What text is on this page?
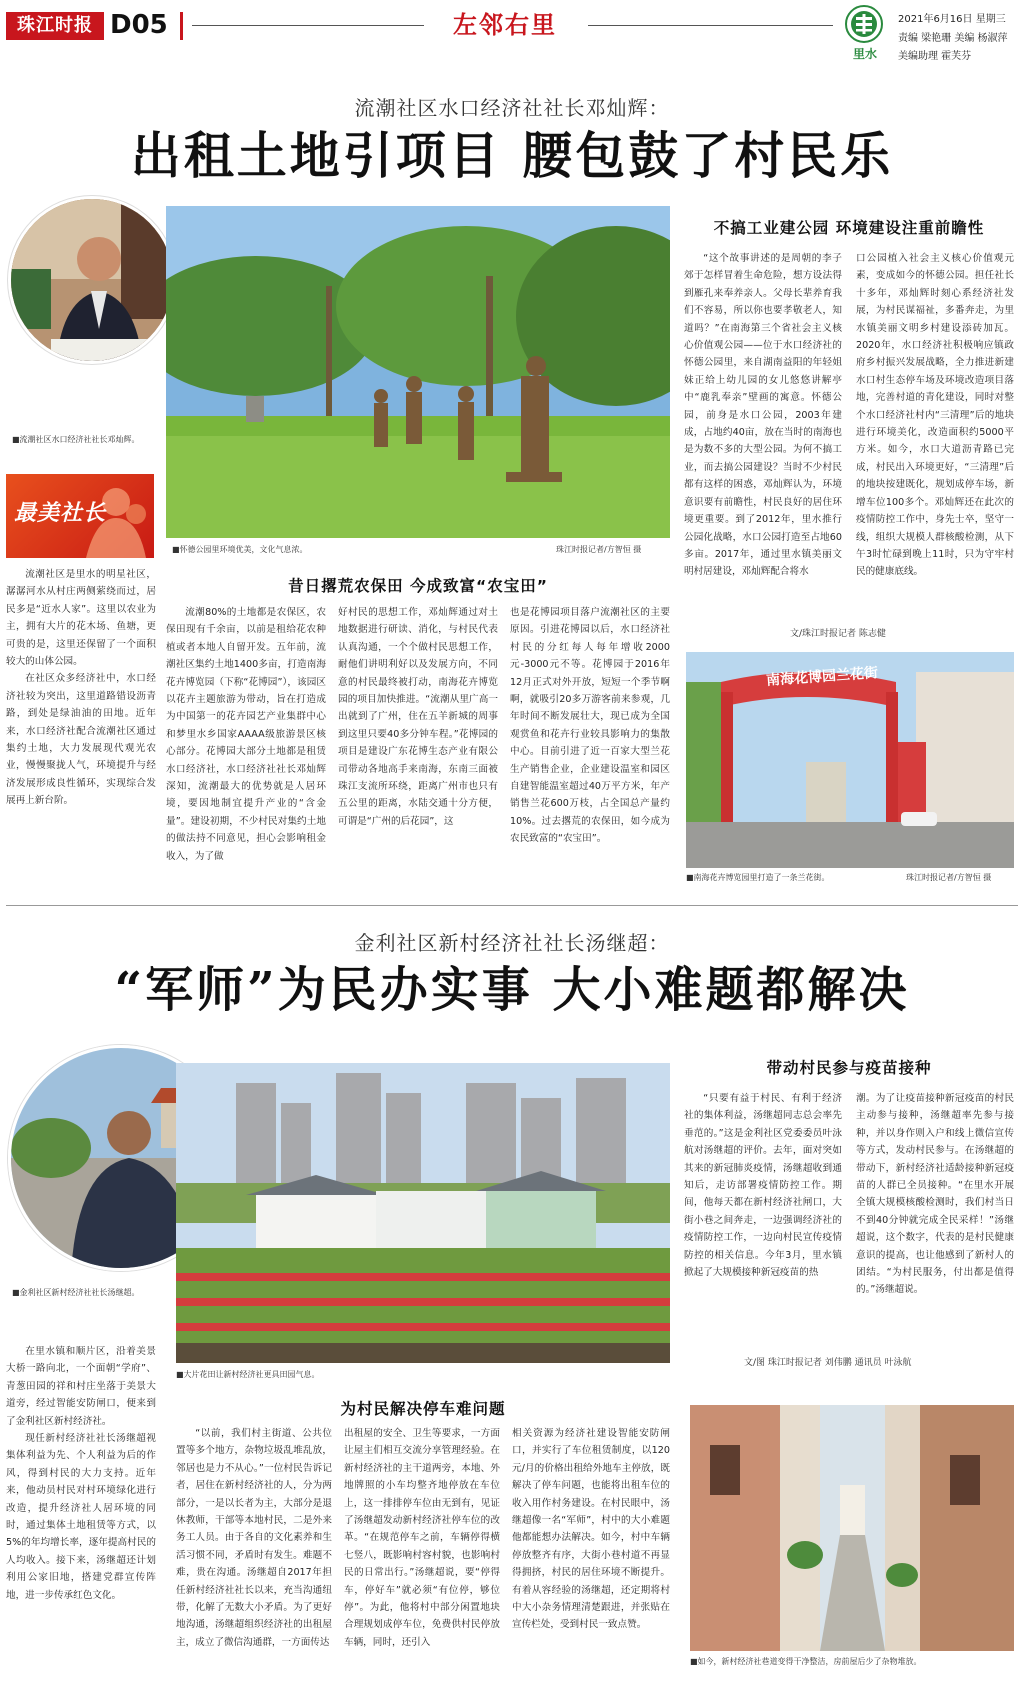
珠江时报 D05	左邻右里
里水
2021年6月16日 星期三
责编 梁艳珊 美编 杨淑萍
美编助理 霍芙芬
流潮社区水口经济社社长邓灿辉：
出租土地引项目 腰包鼓了村民乐
■流潮社区水口经济社社长邓灿辉。
最美社长

流潮社区是里水的明星社区，潺潺河水从村庄两侧萦绕而过，居民多是“近水人家”。这里以农业为主，拥有大片的花木场、鱼塘，更可贵的是，这里还保留了一个面积较大的山体公园。

在社区众多经济社中，水口经济社较为突出，这里道路错设沥青路，到处是绿油油的田地。近年来，水口经济社配合流潮社区通过集约土地，大力发展现代观光农业，慢慢聚拢人气，环境提升与经济发展形成良性循环，实现综合发展再上新台阶。

■怀德公园里环境优美，文化气息浓。	珠江时报记者/方智恒 摄
昔日撂荒农保田 今成致富“农宝田”
流潮80%的土地都是农保区，农保田现有千余亩，以前是租给花农种植或者本地人自留开发。五年前，流潮社区集约土地1400多亩，打造南海花卉博览园（下称“花博园”），该园区以花卉主题旅游为带动，旨在打造成为中国第一的花卉园艺产业集群中心和梦里水乡国家AAAA级旅游景区核心部分。花博园大部分土地都是租赁水口经济社，水口经济社社长邓灿辉深知，流潮最大的优势就是人居环境，要因地制宜提升产业的“含金量”。建设初期，不少村民对集约土地的做法持不同意见，担心会影响租金收入，为了做
好村民的思想工作，邓灿辉通过对土地数据进行研读、消化，与村民代表认真沟通，一个个做村民思想工作，耐他们讲明利好以及发展方向，不同意的村民最终被打动，南海花卉博览园的项目加快推进。“流潮从里广高一出就到了广州，住在五羊新城的周事到这里只要40多分钟车程。”花博园的项目是建设广东花博生态产业有限公司带动各地高手来南海，东南三面被珠江支流所环绕，距离广州市也只有五公里的距离，水陆交通十分方便，可谓是“广州的后花园”，这
也是花博园项目落户流潮社区的主要原因。引进花博园以后，水口经济社村民的分红每人每年增收2000元-3000元不等。花博园于2016年12月正式对外开放，短短一个季节啊啊，就吸引20多万游客前来参观，几年时间不断发展壮大，现已成为全国观赏鱼和花卉行业较具影响力的集散中心。目前引进了近一百家大型兰花生产销售企业，企业建设温室和园区自建智能温室超过40万平方米，年产销售兰花600万枝，占全国总产量约10%。过去撂荒的农保田，如今成为农民致富的“农宝田”。
不搞工业建公园 环境建设注重前瞻性
“这个故事讲述的是周朝的李子郊于怎样冒着生命危险，想方设法得到雁孔来奉养亲人。父母长辈养育我们不容易，所以你也要孝敬老人，知道吗？”在南海第三个省社会主义核心价值观公园——位于水口经济社的怀德公园里，来自湖南益阳的年轻姐妹正给上幼儿园的女儿悠悠讲解亭中“鹿乳奉亲”壁画的寓意。怀德公园，前身是水口公园，2003年建成，占地约40亩，放在当时的南海也是为数不多的大型公园。为何不搞工业，而去搞公园建设？当时不少村民都有这样的困惑，邓灿辉认为，环境意识要有前瞻性，村民良好的居住环境更重要。到了2012年，里水推行公园化战略，水口公园打造至占地60多亩。2017年，通过里水镇美丽文明村居建设，邓灿辉配合将水
口公园植入社会主义核心价值观元素，变成如今的怀德公园。担任社长十多年，邓灿辉时刻心系经济社发展，为村民谋福祉，多番奔走，为里水镇美丽文明乡村建设添砖加瓦。2020年，水口经济社积极响应镇政府乡村振兴发展战略，全力推进新建水口村生态停车场及环境改造项目落地，完善村道的青化建设，同时对整个水口经济社村内“三清理”后的地块进行环境美化，改造面积约5000平方米。如今，水口大道沥青路已完成，村民出入环境更好，“三清理”后的地块按建既化，规划成停车场，新增车位100多个。邓灿辉还在此次的疫情防控工作中，身先士卒，坚守一线，组织大规模人群核酸检测，从下午3时忙碌到晚上11时，只为守牢村民的健康底线。
文/珠江时报记者 陈志健
南海花博园兰花街
■南海花卉博览园里打造了一条兰花街。	珠江时报记者/方智恒 摄
金利社区新村经济社社长汤继超：
“军师”为民办实事 大小难题都解决
■金利社区新村经济社社长汤继超。

在里水镇和顺片区，沿着美景大桥一路向北，一个面朝“学府”、青葱田园的祥和村庄坐落于美景大道旁，经过智能安防闸口，便来到了金利社区新村经济社。

现任新村经济社社长汤继超视集体利益为先、个人利益为后的作风，得到村民的大力支持。近年来，他动员村民对村环境绿化进行改造，提升经济社人居环境的同时，通过集体土地租赁等方式，以5%的年均增长率，逐年提高村民的人均收入。接下来，汤继超还计划利用公家旧地，搭建党群宣传阵地，进一步传承红色文化。

■大片花田让新村经济社更具田园气息。
为村民解决停车难问题
“以前，我们村主街道、公共位置等多个地方，杂物垃圾乱堆乱放，邻居也是力不从心。”一位村民告诉记者，居住在新村经济社的人，分为两部分，一是以长者为主，大部分是退休教师，干部等本地村民，二是外来务工人员。由于各自的文化素养和生活习惯不同，矛盾时有发生。难题不难，贵在沟通。汤继超自2017年担任新村经济社社长以来，充当沟通纽带，化解了无数大小矛盾。为了更好地沟通，汤继超组织经济社的出租屋主，成立了微信沟通群，一方面传达
出租屋的安全、卫生等要求，一方面让屋主们相互交流分享管理经验。在新村经济社的主干道两旁，本地、外地牌照的小车均整齐地停放在车位上，这一排排停车位由无到有，见证了汤继超发动新村经济社停车位的改革。“在规范停车之前，车辆停得横七竖八，既影响村容村貌，也影响村民的日常出行。”汤继超说，要“停得车，停好车”就必须“有位停，够位停”。为此，他将村中部分闲置地块合理规划成停车位，免费供村民停放车辆，同时，还引入
相关资源为经济社建设智能安防闸口，并实行了车位租赁制度，以120元/月的价格出租给外地车主停放，既解决了停车问题，也能将出租车位的收入用作村务建设。在村民眼中，汤继超像一名“军师”，村中的大小难题他都能想办法解决。如今，村中车辆停放整齐有序，大街小巷村道不再显得拥挤，村民的居住环境不断提升。有着从容经验的汤继超，还定期将村中大小杂务情理清楚跟进，并张贴在宣传栏处，受到村民一致点赞。
带动村民参与疫苗接种
“只要有益于村民、有利于经济社的集体利益，汤继超同志总会率先垂范的。”这是金利社区党委委员叶泳航对汤继超的评价。去年，面对突如其来的新冠肺炎疫情，汤继超收到通知后，走访部署疫情防控工作。期间，他每天都在新村经济社闸口，大街小巷之间奔走，一边强调经济社的疫情防控工作，一边向村民宣传疫情防控的相关信息。今年3月，里水镇掀起了大规模接种新冠疫苗的热
潮。为了让疫苗接种新冠疫苗的村民主动参与接种，汤继超率先参与接种，并以身作则入户和线上微信宣传等方式，发动村民参与。在汤继超的带动下，新村经济社适龄接种新冠疫苗的人群已全员接种。“在里水开展全镇大规模核酸检测时，我们村当日不到40分钟就完成全民采样！”汤继超说，这个数字，代表的是村民健康意识的提高，也让他感到了新村人的团结。“为村民服务，付出都是值得的。”汤继超说。
文/图 珠江时报记者 刘伟鹏 通讯员 叶泳航
■如今，新村经济社巷道变得干净整洁，房前屋后少了杂物堆放。
